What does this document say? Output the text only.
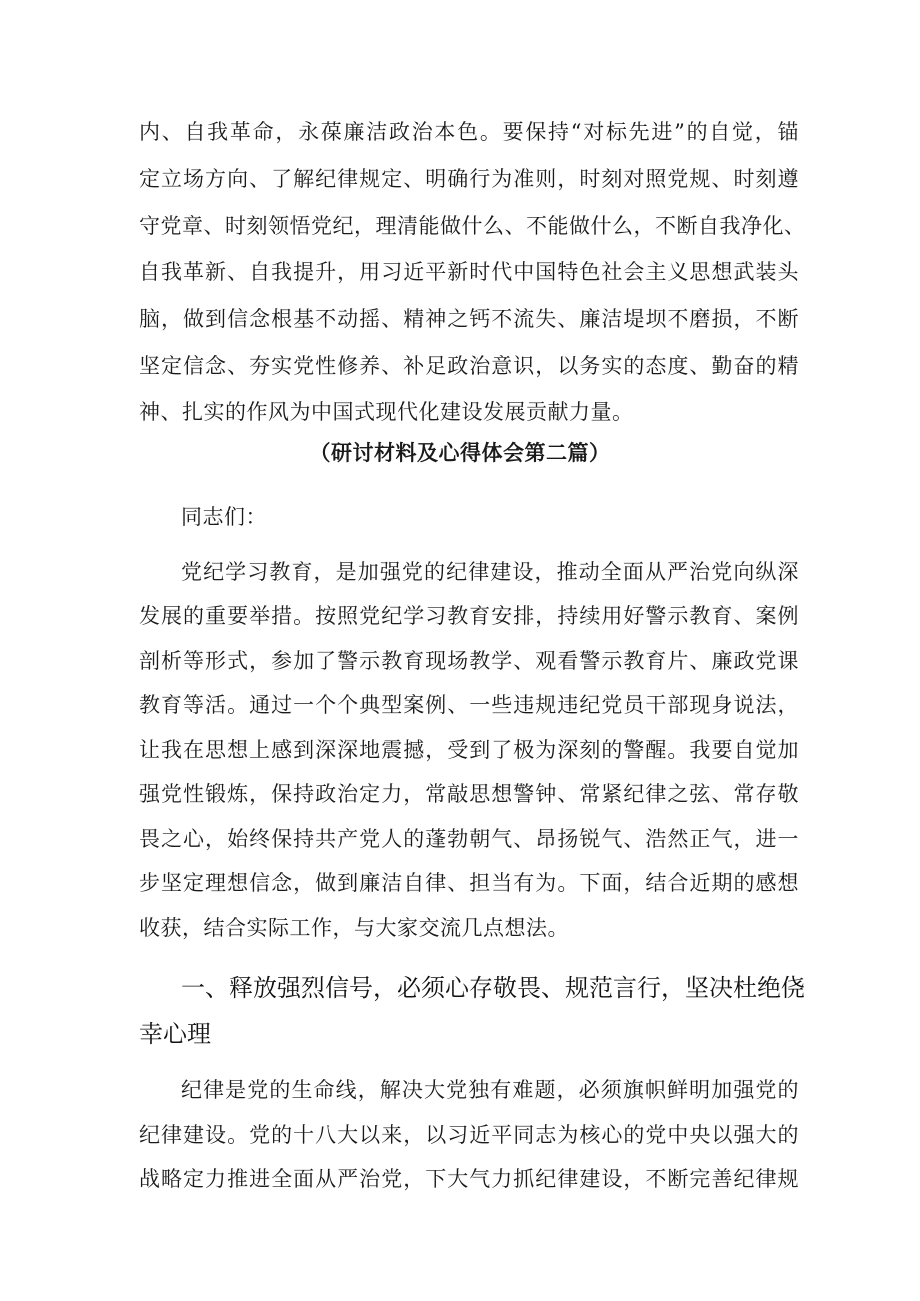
内、自我革命，永葆廉洁政治本色。要保持“对标先进”的自觉，锚
定立场方向、了解纪律规定、明确行为准则，时刻对照党规、时刻遵
守党章、时刻领悟党纪，理清能做什么、不能做什么，不断自我净化、
自我革新、自我提升，用习近平新时代中国特色社会主义思想武装头
脑，做到信念根基不动摇、精神之钙不流失、廉洁堤坝不磨损，不断
坚定信念、夯实党性修养、补足政治意识，以务实的态度、勤奋的精
神、扎实的作风为中国式现代化建设发展贡献力量。
（研讨材料及心得体会第二篇）
同志们：
党纪学习教育，是加强党的纪律建设，推动全面从严治党向纵深
发展的重要举措。按照党纪学习教育安排，持续用好警示教育、案例
剖析等形式，参加了警示教育现场教学、观看警示教育片、廉政党课
教育等活。通过一个个典型案例、一些违规违纪党员干部现身说法，
让我在思想上感到深深地震撼，受到了极为深刻的警醒。我要自觉加
强党性锻炼，保持政治定力，常敲思想警钟、常紧纪律之弦、常存敬
畏之心，始终保持共产党人的蓬勃朝气、昂扬锐气、浩然正气，进一
步坚定理想信念，做到廉洁自律、担当有为。下面，结合近期的感想
收获，结合实际工作，与大家交流几点想法。
一、释放强烈信号，必须心存敬畏、规范言行，坚决杜绝侥
幸心理
纪律是党的生命线，解决大党独有难题，必须旗帜鲜明加强党的
纪律建设。党的十八大以来，以习近平同志为核心的党中央以强大的
战略定力推进全面从严治党，下大气力抓纪律建设，不断完善纪律规
